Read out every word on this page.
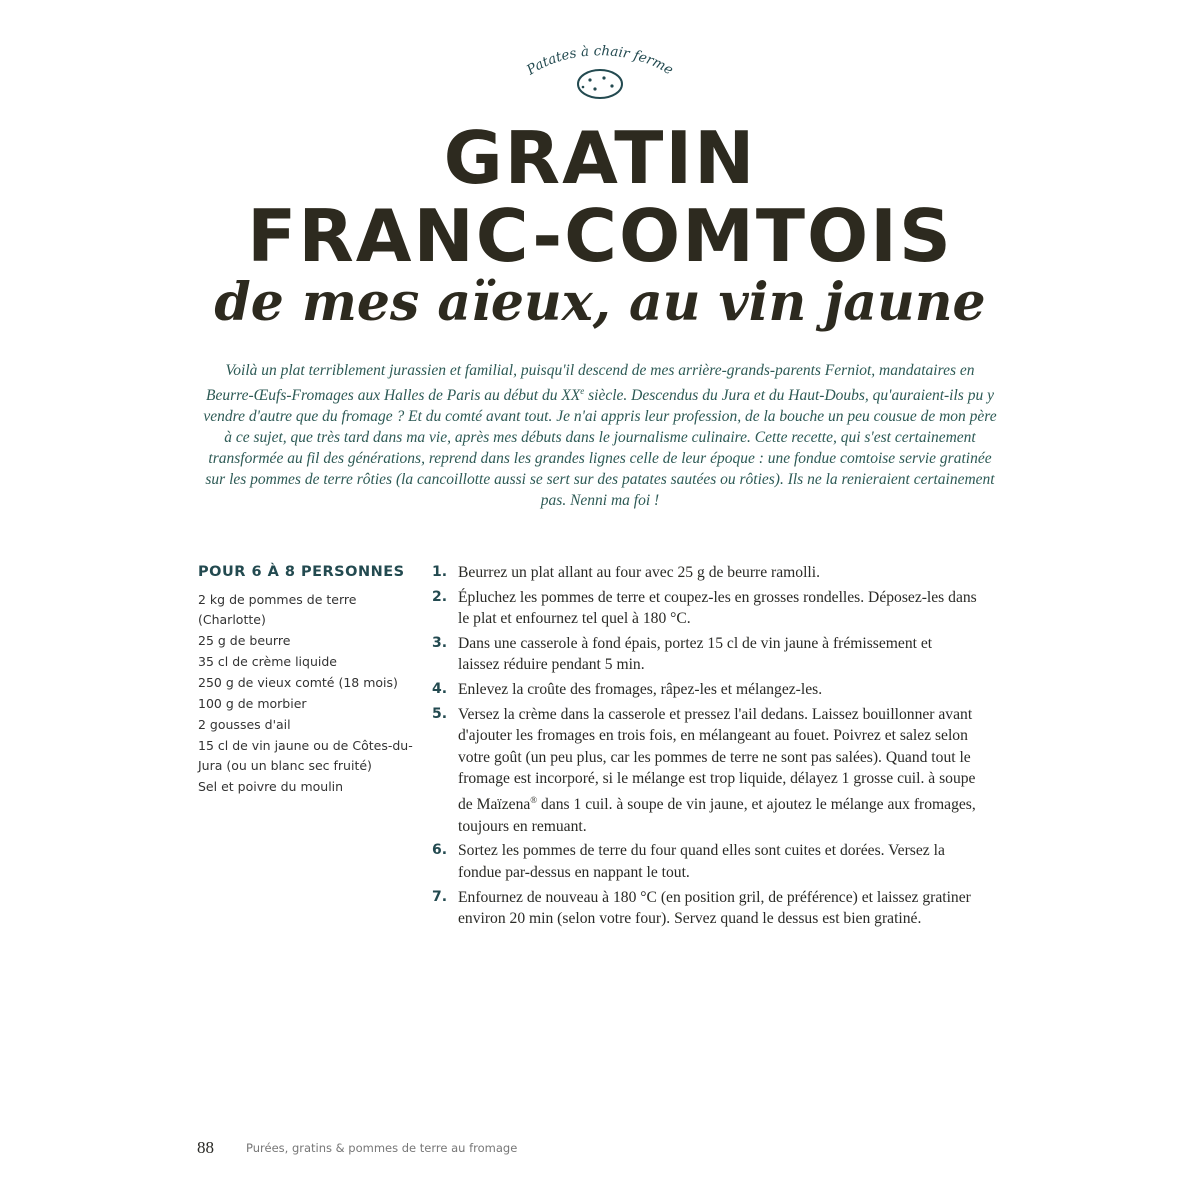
Patates à chair ferme
GRATIN
FRANC-COMTOIS
de mes aïeux, au vin jaune

Voilà un plat terriblement jurassien et familial, puisqu'il descend de mes arrière-grands-parents Ferniot, mandataires en Beurre-Œufs-Fromages aux Halles de Paris au début du XXe siècle. Descendus du Jura et du Haut-Doubs, qu'auraient-ils pu y vendre d'autre que du fromage ? Et du comté avant tout. Je n'ai appris leur profession, de la bouche un peu cousue de mon père à ce sujet, que très tard dans ma vie, après mes débuts dans le journalisme culinaire. Cette recette, qui s'est certainement transformée au fil des générations, reprend dans les grandes lignes celle de leur époque : une fondue comtoise servie gratinée sur les pommes de terre rôties (la cancoillotte aussi se sert sur des patates sautées ou rôties). Ils ne la renieraient certainement pas. Nenni ma foi !

POUR 6 À 8 PERSONNES
2 kg de pommes de terre (Charlotte)
25 g de beurre
35 cl de crème liquide
250 g de vieux comté (18 mois)
100 g de morbier
2 gousses d'ail
15 cl de vin jaune ou de Côtes-du-Jura (ou un blanc sec fruité)
Sel et poivre du moulin
1. Beurrez un plat allant au four avec 25 g de beurre ramolli.
2. Épluchez les pommes de terre et coupez-les en grosses rondelles. Déposez-les dans le plat et enfournez tel quel à 180 °C.
3. Dans une casserole à fond épais, portez 15 cl de vin jaune à frémissement et laissez réduire pendant 5 min.
4. Enlevez la croûte des fromages, râpez-les et mélangez-les.
5. Versez la crème dans la casserole et pressez l'ail dedans. Laissez bouillonner avant d'ajouter les fromages en trois fois, en mélangeant au fouet. Poivrez et salez selon votre goût (un peu plus, car les pommes de terre ne sont pas salées). Quand tout le fromage est incorporé, si le mélange est trop liquide, délayez 1 grosse cuil. à soupe de Maïzena® dans 1 cuil. à soupe de vin jaune, et ajoutez le mélange aux fromages, toujours en remuant.
6. Sortez les pommes de terre du four quand elles sont cuites et dorées. Versez la fondue par-dessus en nappant le tout.
7. Enfournez de nouveau à 180 °C (en position gril, de préférence) et laissez gratiner environ 20 min (selon votre four). Servez quand le dessus est bien gratiné.
88	Purées, gratins & pommes de terre au fromage
